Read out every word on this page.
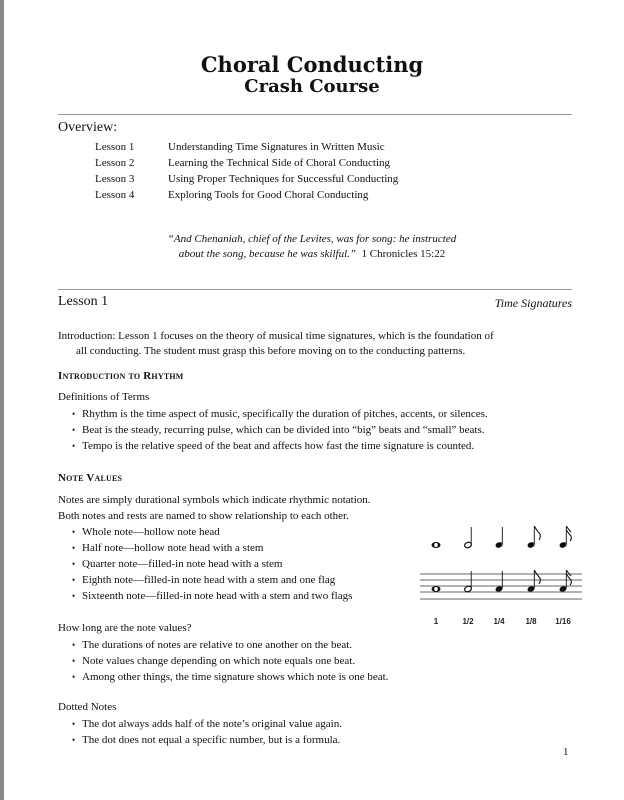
Choral Conducting
Crash Course
Overview:
Lesson 1	Understanding Time Signatures in Written Music
Lesson 2	Learning the Technical Side of Choral Conducting
Lesson 3	Using Proper Techniques for Successful Conducting
Lesson 4	Exploring Tools for Good Choral Conducting
“And Chenaniah, chief of the Levites, was for song: he instructed
about the song, because he was skilful.” 1 Chronicles 15:22
Lesson 1	Time Signatures
Introduction: Lesson 1 focuses on the theory of musical time signatures, which is the foundation of
all conducting. The student must grasp this before moving on to the conducting patterns.
Introduction to Rhythm
Definitions of Terms
• Rhythm is the time aspect of music, specifically the duration of pitches, accents, or silences.
• Beat is the steady, recurring pulse, which can be divided into “big” beats and “small” beats.
• Tempo is the relative speed of the beat and affects how fast the time signature is counted.
Note Values
Notes are simply durational symbols which indicate rhythmic notation.
Both notes and rests are named to show relationship to each other.
• Whole note—hollow note head
• Half note—hollow note head with a stem
• Quarter note—filled-in note head with a stem
• Eighth note—filled-in note head with a stem and one flag
• Sixteenth note—filled-in note head with a stem and two flags
1	1/2 1/4	1/8 1/16
How long are the note values?
• The durations of notes are relative to one another on the beat.
• Note values change depending on which note equals one beat.
• Among other things, the time signature shows which note is one beat.
Dotted Notes
• The dot always adds half of the note’s original value again.
• The dot does not equal a specific number, but is a formula.
1
